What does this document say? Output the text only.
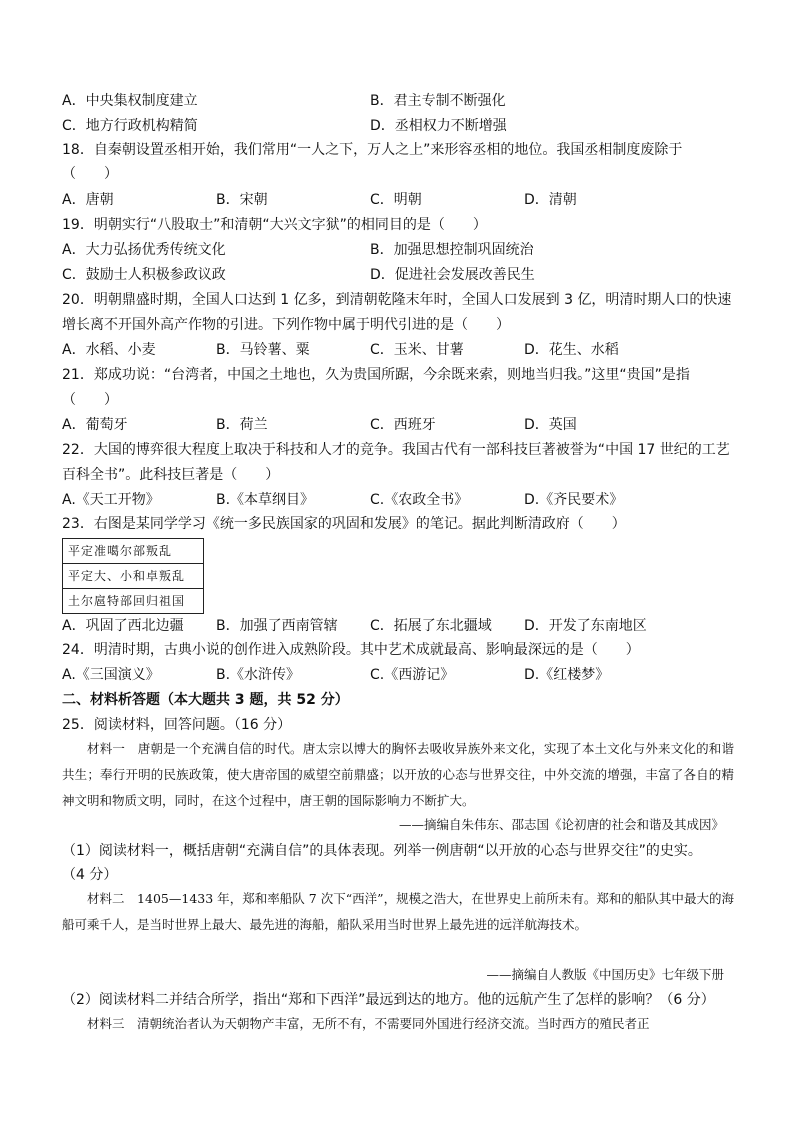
A．中央集权制度建立	B．君主专制不断强化
C．地方行政机构精简	D．丞相权力不断增强
18．自秦朝设置丞相开始，我们常用“一人之下，万人之上”来形容丞相的地位。我国丞相制度废除于
（　　）
A．唐朝	B．宋朝	C．明朝	D．清朝
19．明朝实行“八股取士”和清朝“大兴文字狱”的相同目的是（　　）
A．大力弘扬优秀传统文化	B．加强思想控制巩固统治
C．鼓励士人积极参政议政	D．促进社会发展改善民生
20．明朝鼎盛时期，全国人口达到 1 亿多，到清朝乾隆末年时，全国人口发展到 3 亿，明清时期人口的快速
增长离不开国外高产作物的引进。下列作物中属于明代引进的是（　　）
A．水稻、小麦	B．马铃薯、粟	C．玉米、甘薯	D．花生、水稻
21．郑成功说：“台湾者，中国之土地也，久为贵国所踞，今余既来索，则地当归我。”这里“贵国”是指
（　　）
A．葡萄牙	B．荷兰	C．西班牙	D．英国
22．大国的博弈很大程度上取决于科技和人才的竞争。我国古代有一部科技巨著被誉为“中国 17 世纪的工艺
百科全书”。此科技巨著是（　　）
A.《天工开物》	B.《本草纲目》	C.《农政全书》	D.《齐民要术》
23．右图是某同学学习《统一多民族国家的巩固和发展》的笔记。据此判断清政府（　　）
平定准噶尔部叛乱
平定大、小和卓叛乱
土尔扈特部回归祖国
A．巩固了西北边疆 B．加强了西南管辖 C．拓展了东北疆域 D．开发了东南地区
24．明清时期，古典小说的创作进入成熟阶段。其中艺术成就最高、影响最深远的是（　　）
A.《三国演义》	B.《水浒传》	C.《西游记》	D.《红楼梦》
二、材料析答题（本大题共 3 题，共 52 分）
25．阅读材料，回答问题。（16 分）

材料一　唐朝是一个充满自信的时代。唐太宗以博大的胸怀去吸收异族外来文化，实现了本土文化与外来文化的和谐共生；奉行开明的民族政策，使大唐帝国的威望空前鼎盛；以开放的心态与世界交往，中外交流的增强，丰富了各自的精神文明和物质文明，同时，在这个过程中，唐王朝的国际影响力不断扩大。

——摘编自朱伟东、邵志国《论初唐的社会和谐及其成因》
（1）阅读材料一，概括唐朝“充满自信”的具体表现。列举一例唐朝“以开放的心态与世界交往”的史实。
（4 分）

材料二　1405—1433 年，郑和率船队 7 次下“西洋”，规模之浩大，在世界史上前所未有。郑和的船队其中最大的海船可乘千人，是当时世界上最大、最先进的海船，船队采用当时世界上最先进的远洋航海技术。

——摘编自人教版《中国历史》七年级下册
（2）阅读材料二并结合所学，指出“郑和下西洋”最远到达的地方。他的远航产生了怎样的影响？（6 分）

材料三　清朝统治者认为天朝物产丰富，无所不有，不需要同外国进行经济交流。当时西方的殖民者正
